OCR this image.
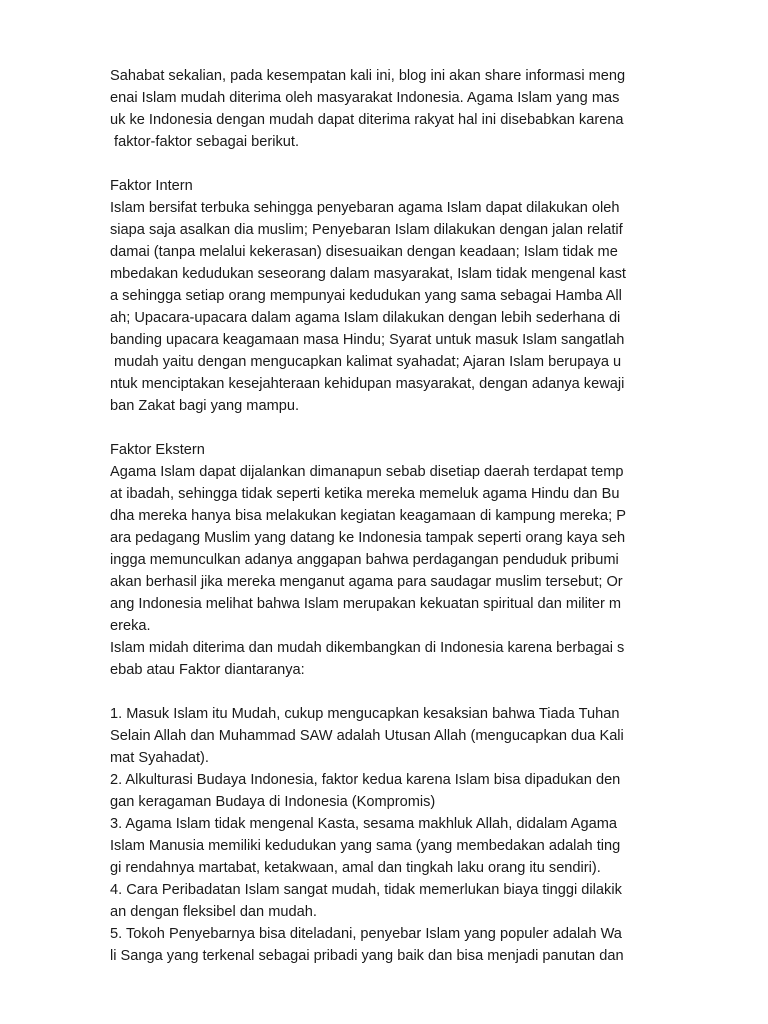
Sahabat sekalian, pada kesempatan kali ini, blog ini akan share informasi meng
enai Islam mudah diterima oleh masyarakat Indonesia. Agama Islam yang mas
uk ke Indonesia dengan mudah dapat diterima rakyat hal ini disebabkan karena
faktor-faktor sebagai berikut.
Faktor Intern
Islam bersifat terbuka sehingga penyebaran agama Islam dapat dilakukan oleh
siapa saja asalkan dia muslim; Penyebaran Islam dilakukan dengan jalan relatif
damai (tanpa melalui kekerasan) disesuaikan dengan keadaan; Islam tidak me
mbedakan kedudukan seseorang dalam masyarakat, Islam tidak mengenal kast
a sehingga setiap orang mempunyai kedudukan yang sama sebagai Hamba All
ah; Upacara-upacara dalam agama Islam dilakukan dengan lebih sederhana di
banding upacara keagamaan masa Hindu; Syarat untuk masuk Islam sangatlah
mudah yaitu dengan mengucapkan kalimat syahadat; Ajaran Islam berupaya u
ntuk menciptakan kesejahteraan kehidupan masyarakat, dengan adanya kewaji
ban Zakat bagi yang mampu.
Faktor Ekstern
Agama Islam dapat dijalankan dimanapun sebab disetiap daerah terdapat temp
at ibadah, sehingga tidak seperti ketika mereka memeluk agama Hindu dan Bu
dha mereka hanya bisa melakukan kegiatan keagamaan di kampung mereka; P
ara pedagang Muslim yang datang ke Indonesia tampak seperti orang kaya seh
ingga memunculkan adanya anggapan bahwa perdagangan penduduk pribumi
akan berhasil jika mereka menganut agama para saudagar muslim tersebut; Or
ang Indonesia melihat bahwa Islam merupakan kekuatan spiritual dan militer m
ereka.
Islam midah diterima dan mudah dikembangkan di Indonesia karena berbagai s
ebab atau Faktor diantaranya:
1. Masuk Islam itu Mudah, cukup mengucapkan kesaksian bahwa Tiada Tuhan
Selain Allah dan Muhammad SAW adalah Utusan Allah (mengucapkan dua Kali
mat Syahadat).
2. Alkulturasi Budaya Indonesia, faktor kedua karena Islam bisa dipadukan den
gan keragaman Budaya di Indonesia (Kompromis)
3. Agama Islam tidak mengenal Kasta, sesama makhluk Allah, didalam Agama
Islam Manusia memiliki kedudukan yang sama (yang membedakan adalah ting
gi rendahnya martabat, ketakwaan, amal dan tingkah laku orang itu sendiri).
4. Cara Peribadatan Islam sangat mudah, tidak memerlukan biaya tinggi dilakik
an dengan fleksibel dan mudah.
5. Tokoh Penyebarnya bisa diteladani, penyebar Islam yang populer adalah Wa
li Sanga yang terkenal sebagai pribadi yang baik dan bisa menjadi panutan dan
